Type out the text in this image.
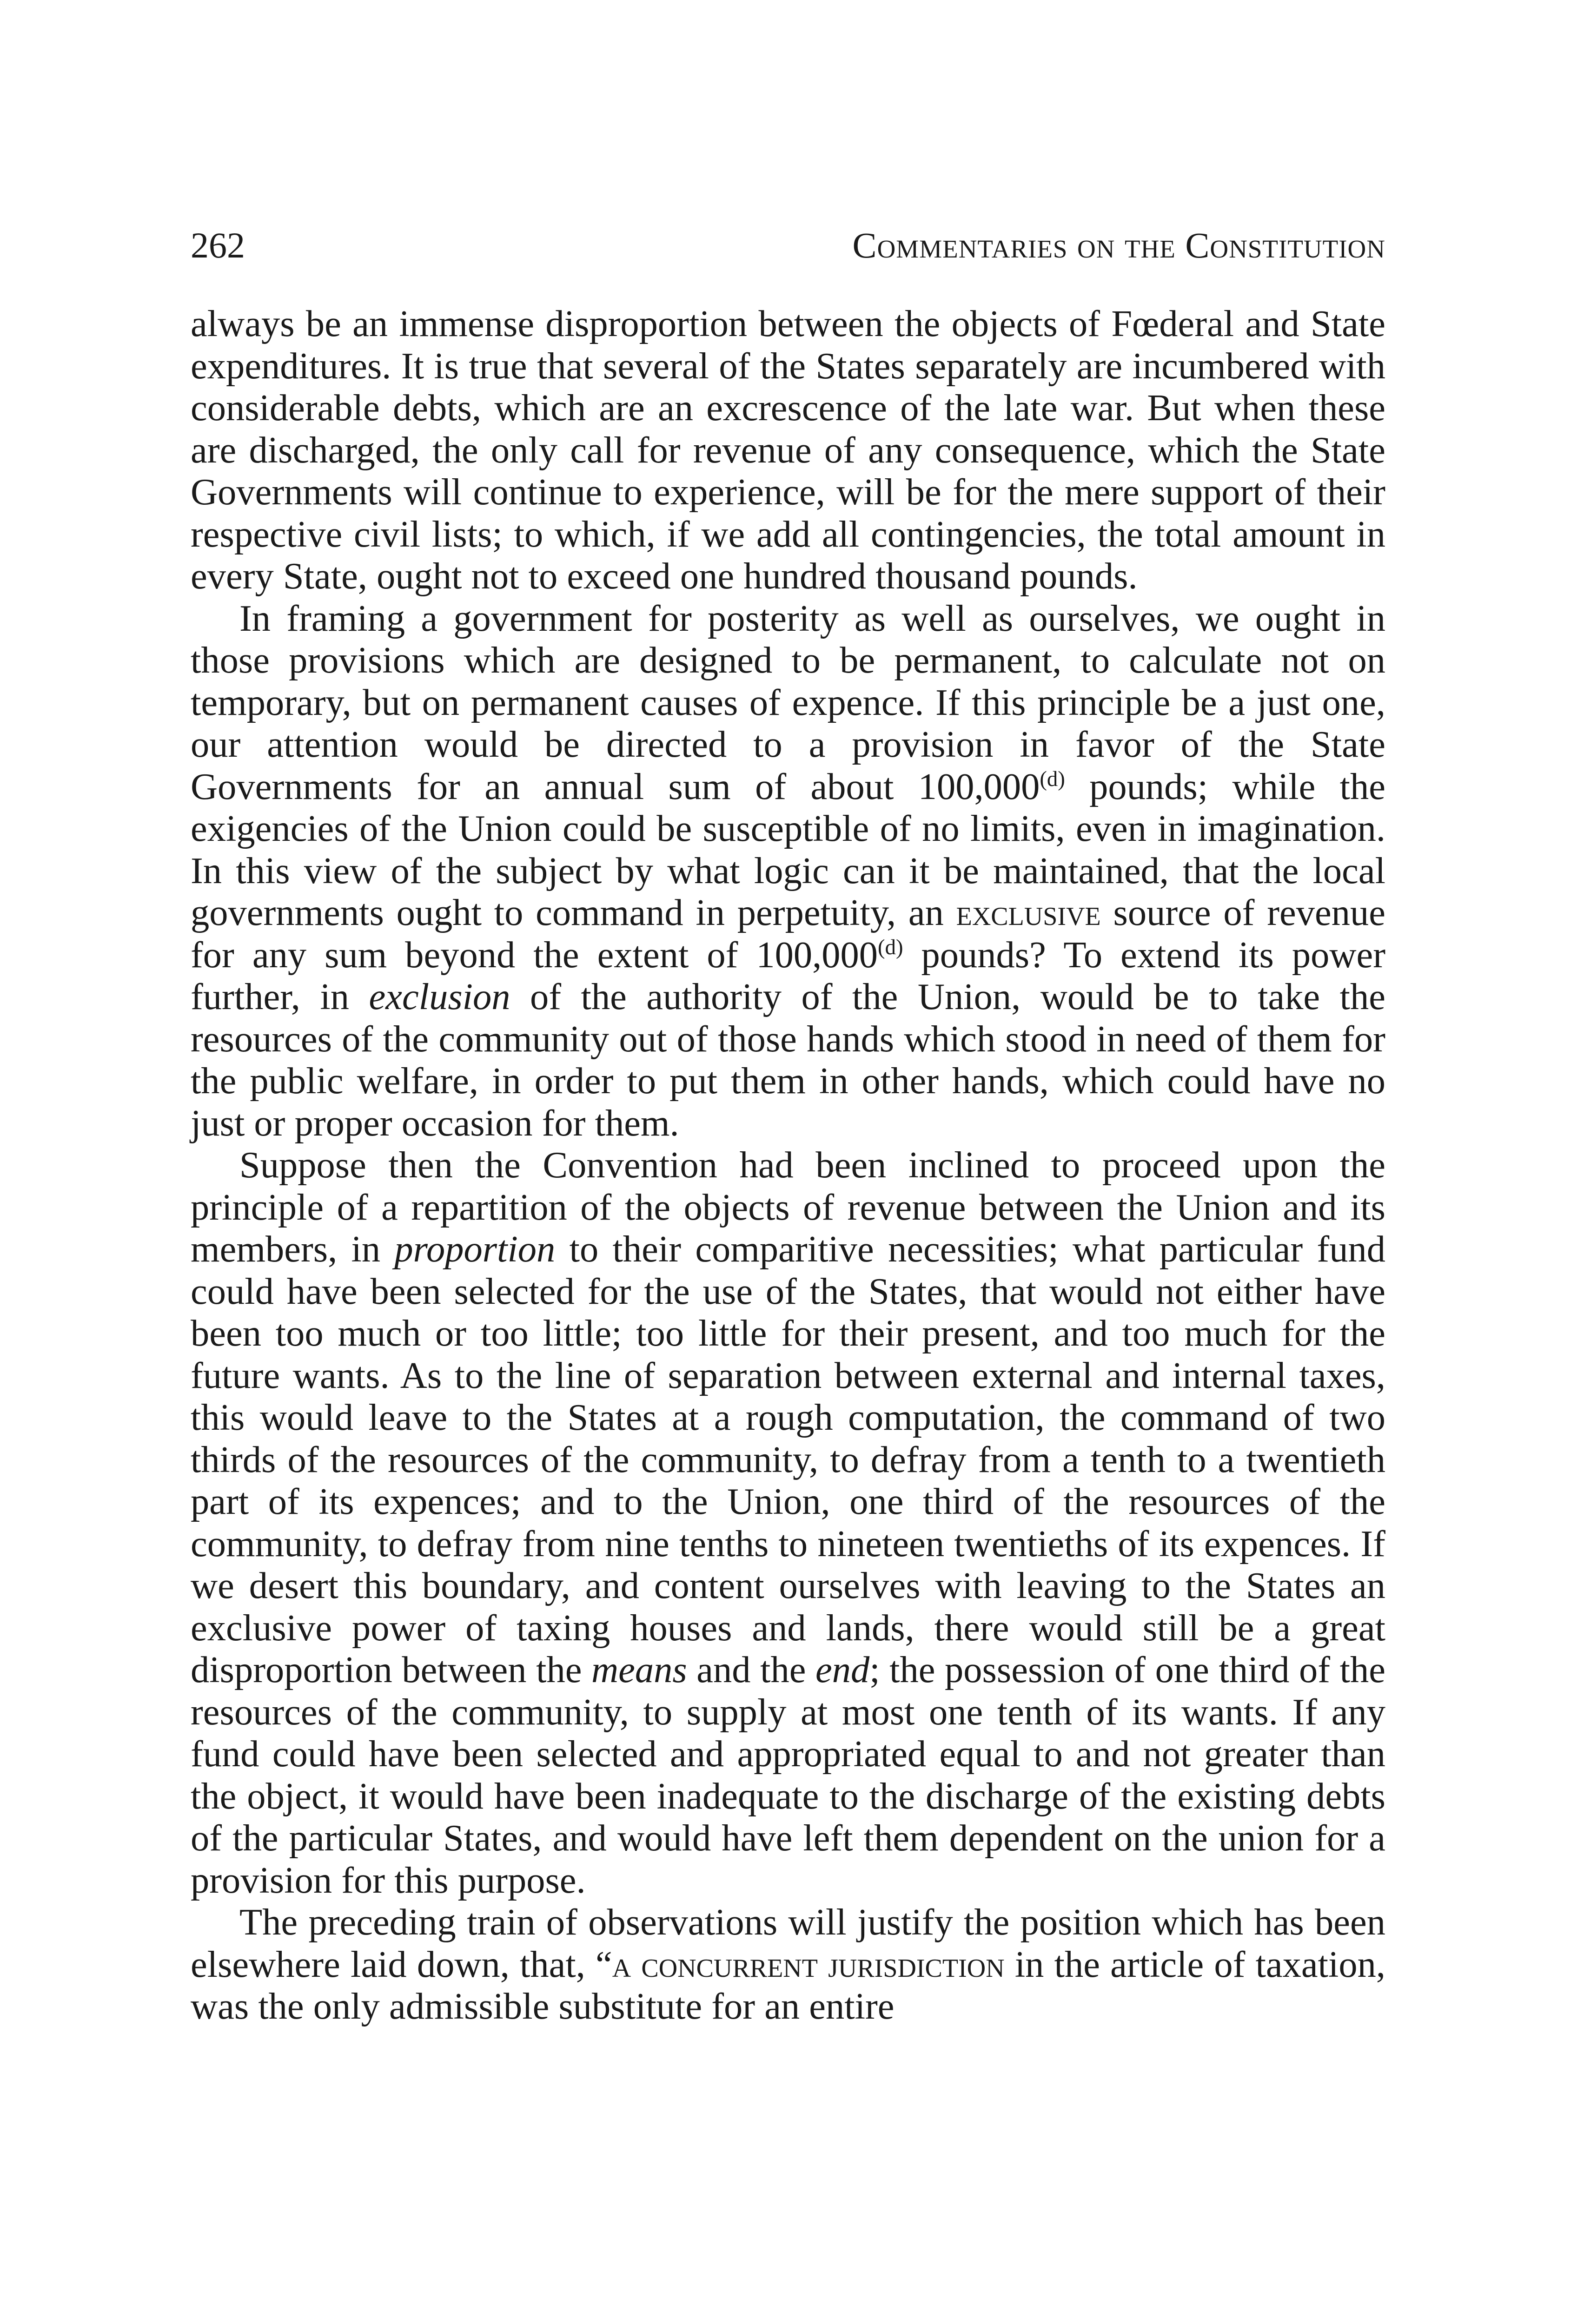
262	Commentaries on the Constitution

always be an immense disproportion between the objects of Fœderal and State expenditures. It is true that several of the States separately are incumbered with considerable debts, which are an excrescence of the late war. But when these are discharged, the only call for revenue of any consequence, which the State Governments will continue to experience, will be for the mere support of their respective civil lists; to which, if we add all contingencies, the total amount in every State, ought not to exceed one hundred thousand pounds.

In framing a government for posterity as well as ourselves, we ought in those provisions which are designed to be permanent, to calculate not on temporary, but on permanent causes of expence. If this principle be a just one, our attention would be directed to a provision in favor of the State Governments for an annual sum of about 100,000$^{(d)}$ pounds; while the exigencies of the Union could be susceptible of no limits, even in imagination. In this view of the subject by what logic can it be maintained, that the local governments ought to command in perpetuity, an exclusive source of revenue for any sum beyond the extent of 100,000$^{(d)}$ pounds? To extend its power further, in exclusion of the authority of the Union, would be to take the resources of the community out of those hands which stood in need of them for the public welfare, in order to put them in other hands, which could have no just or proper occasion for them.

Suppose then the Convention had been inclined to proceed upon the principle of a repartition of the objects of revenue between the Union and its members, in proportion to their comparitive necessities; what particular fund could have been selected for the use of the States, that would not either have been too much or too little; too little for their present, and too much for the future wants. As to the line of separation between external and internal taxes, this would leave to the States at a rough computation, the command of two thirds of the resources of the community, to defray from a tenth to a twentieth part of its expences; and to the Union, one third of the resources of the community, to defray from nine tenths to nineteen twentieths of its expences. If we desert this boundary, and content ourselves with leaving to the States an exclusive power of taxing houses and lands, there would still be a great disproportion between the means and the end; the possession of one third of the resources of the community, to supply at most one tenth of its wants. If any fund could have been selected and appropriated equal to and not greater than the object, it would have been inadequate to the discharge of the existing debts of the particular States, and would have left them dependent on the union for a provision for this purpose.

The preceding train of observations will justify the position which has been elsewhere laid down, that, “a concurrent jurisdiction in the article of taxation, was the only admissible substitute for an entire
